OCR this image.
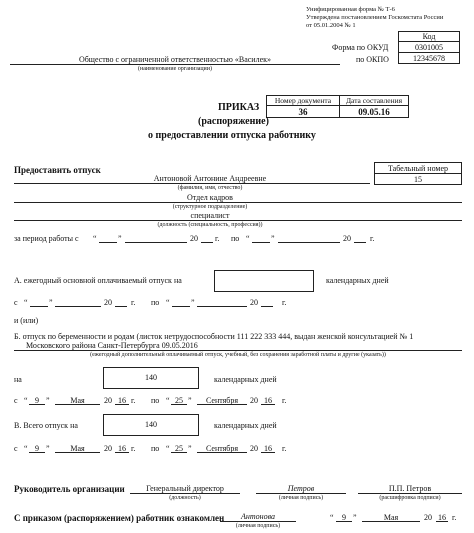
Унифицированная форма № Т-6
Утверждена постановлением Госкомстата России
от 05.01.2004 № 1
Код
Форма по ОКУД	0301005
по ОКПО	12345678
Общество с ограниченной ответственностью «Василек»
(наименование организации)
Номер документа	Дата составления
36	09.05.16
ПРИКАЗ
(распоряжение)
о предоставлении отпуска работнику
Предоставить отпуск	Табельный номер
15
Антоновой Антонине Андреевне
(фамилия, имя, отчество)
Отдел кадров
(структурное подразделение)
специалист
(должность (специальность, профессия))
за период работы с “	”	20 г. по “	”	20 г.
А. ежегодный основной оплачиваемый отпуск на	календарных дней
с “	”	20 г. по “	”	20	г.
и (или)
Б. отпуск по беременности и родам (листок нетрудоспособности 111 222 333 444, выдан женской консультацией № 1
Московского района Санкт-Петербурга 09.05.2016
(ежегодный дополнительный оплачиваемый отпуск, учебный, без сохранения заработной платы и другие (указать))
на	140	календарных дней
с “ 9 ”	Мая	20 16 г. по “ 25 ”	Сентября	20 16	г.
В. Всего отпуск на	140	календарных дней
с “ 9 ”	Мая	20 16 г. по “ 25 ”	Сентября	20 16	г.
Руководитель организации	Генеральный директор
(должность)
Петров
(личная подпись)
П.П. Петров
(расшифровка подписи)
С приказом (распоряжением) работник ознакомлен	Антонова
(личная подпись)
“	9 ”	Мая	20 16 г.
